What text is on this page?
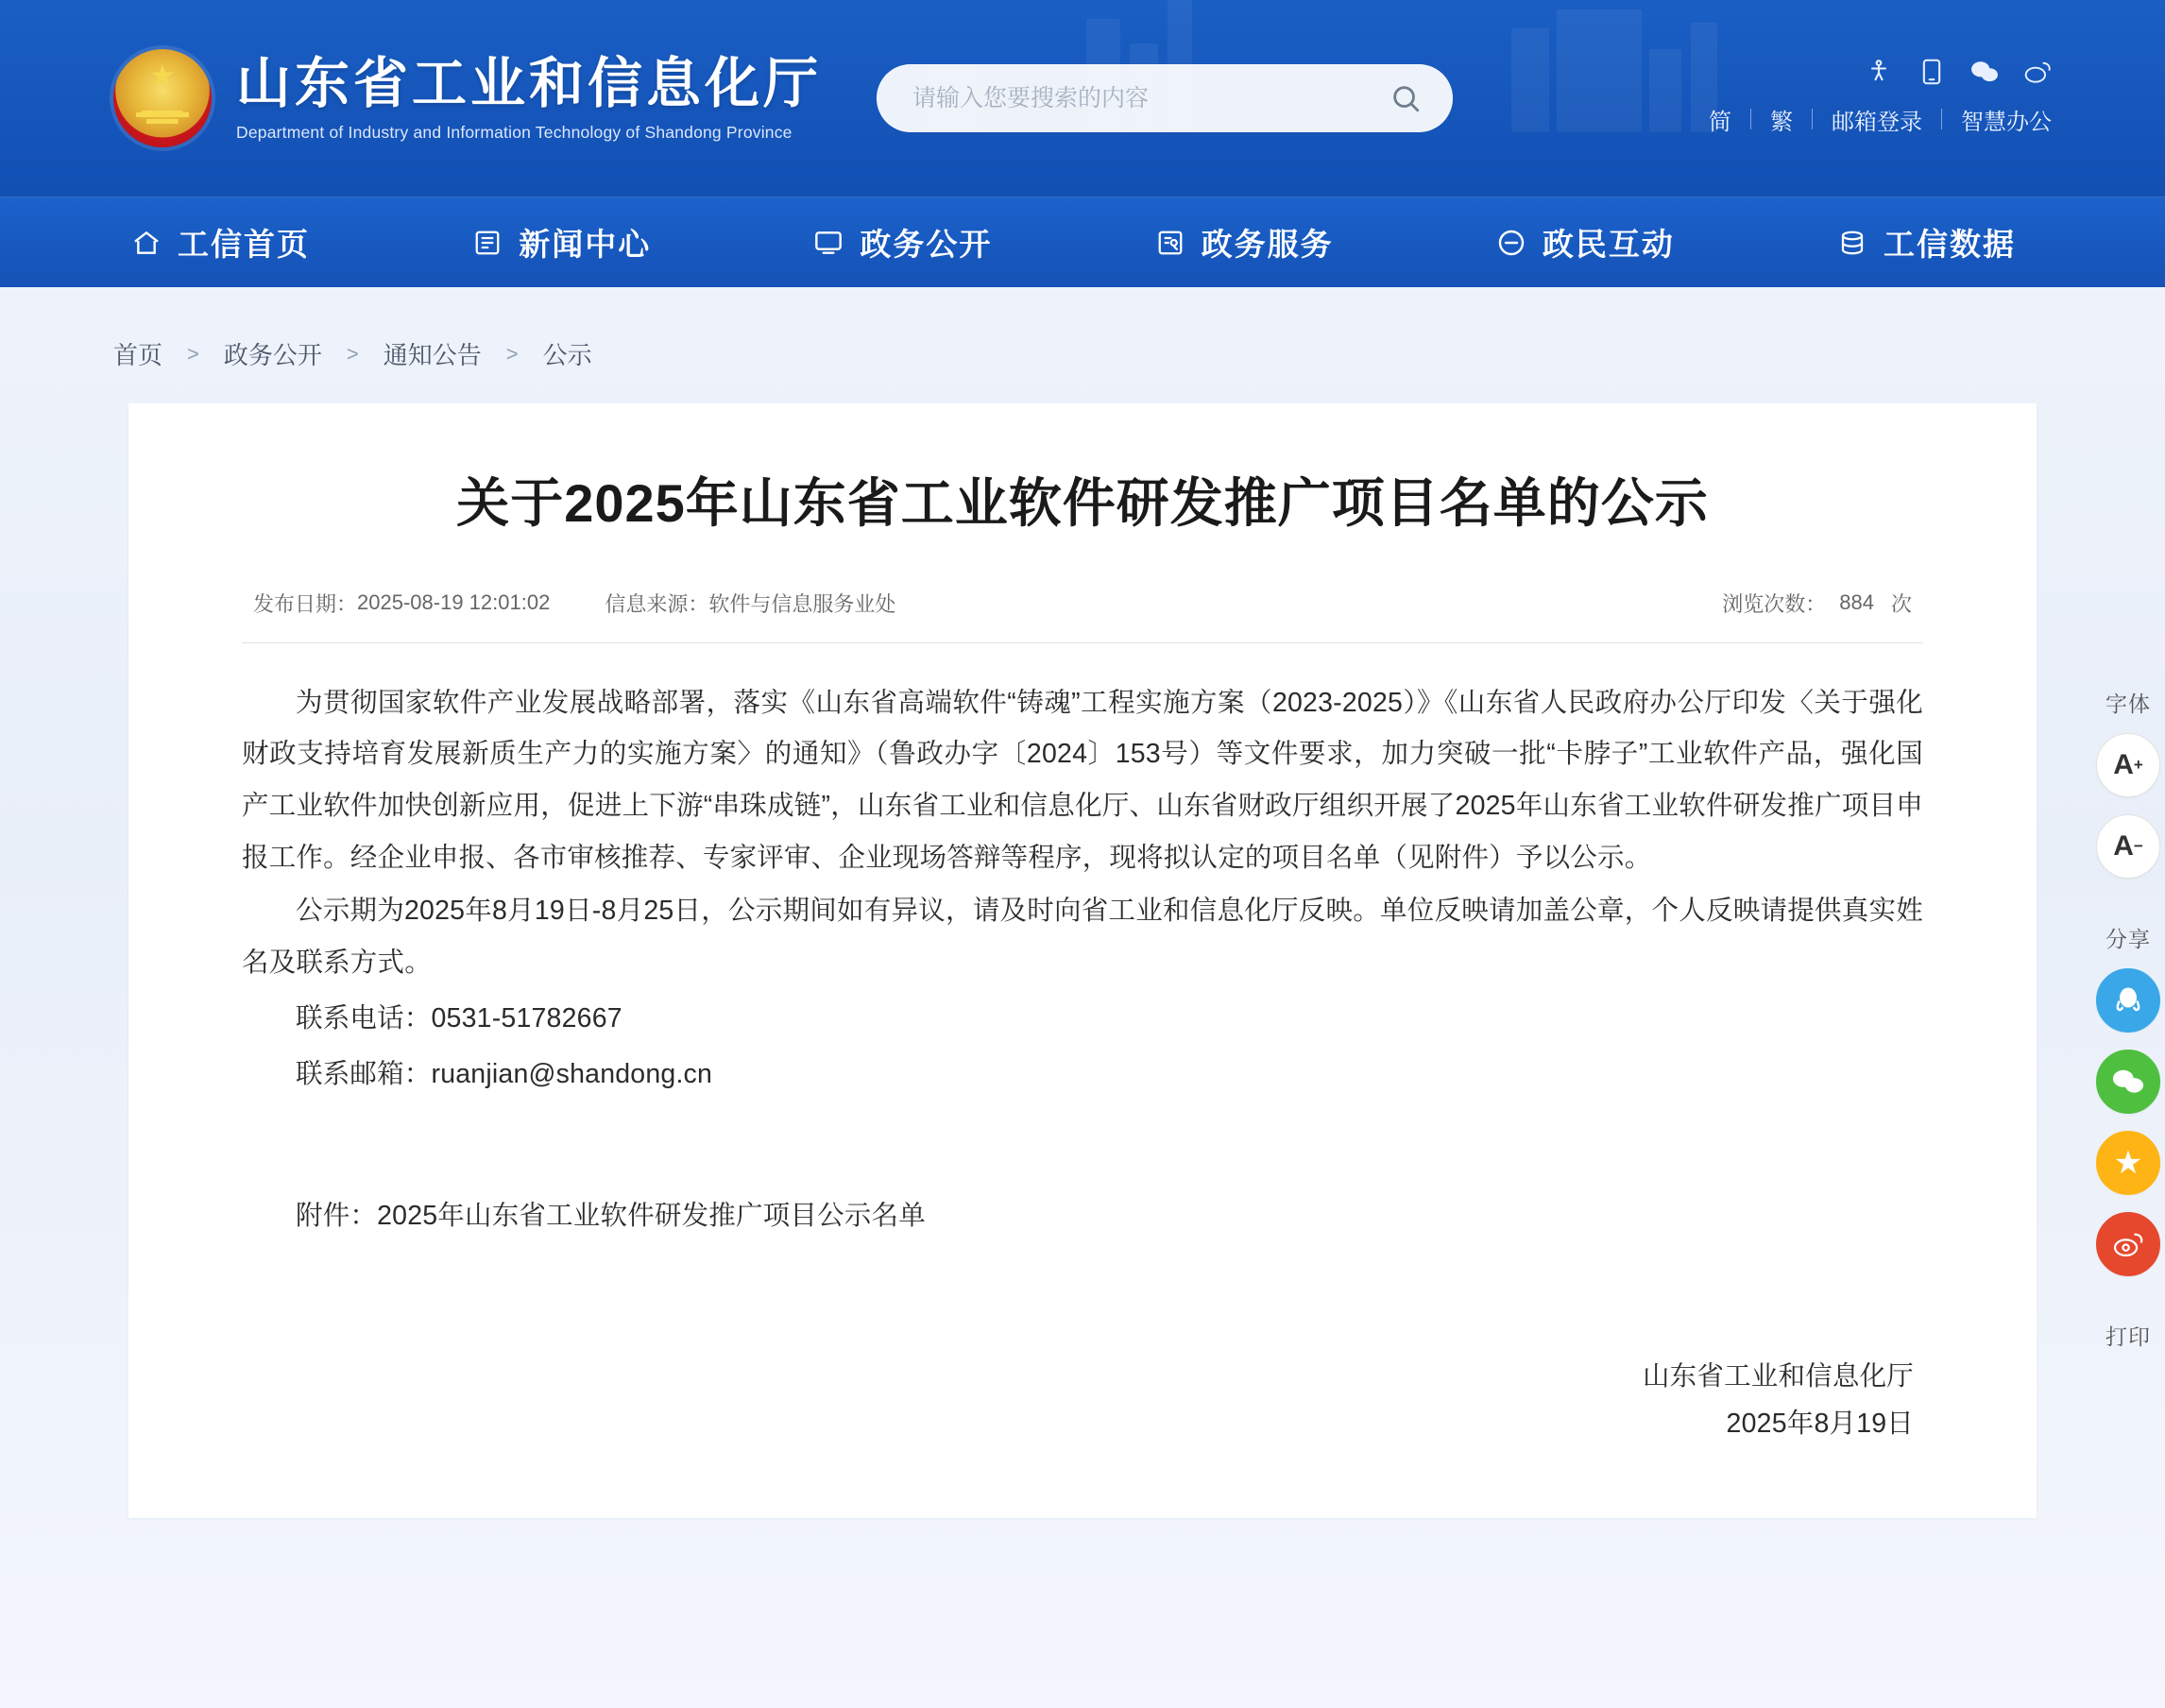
★
山东省工业和信息化厅
Department of Industry and Information Technology of Shandong Province
请输入您要搜索的内容	简 繁 邮箱登录 智慧办公
工信首页	新闻中心	政务公开	政务服务	政民互动	工信数据
首页 > 政务公开 > 通知公告 > 公示
关于2025年山东省工业软件研发推广项目名单的公示
发布日期： 2025-08-19 12:01:02	信息来源： 软件与信息服务业处	浏览次数： 884 次

为贯彻国家软件产业发展战略部署，落实《山东省高端软件“铸魂”工程实施方案（2023-2025）》《山东省人民政府办公厅印发〈关于强化财政支持培育发展新质生产力的实施方案〉的通知》（鲁政办字〔2024〕153号）等文件要求，加力突破一批“卡脖子”工业软件产品，强化国产工业软件加快创新应用，促进上下游“串珠成链”，山东省工业和信息化厅、山东省财政厅组织开展了2025年山东省工业软件研发推广项目申报工作。经企业申报、各市审核推荐、专家评审、企业现场答辩等程序，现将拟认定的项目名单（见附件）予以公示。

公示期为2025年8月19日-8月25日，公示期间如有异议，请及时向省工业和信息化厅反映。单位反映请加盖公章，个人反映请提供真实姓名及联系方式。

联系电话：0531-51782667
联系邮箱：ruanjian@shandong.cn
附件：2025年山东省工业软件研发推广项目公示名单
山东省工业和信息化厅
2025年8月19日
字体
A +
A −
分享
★
打印
